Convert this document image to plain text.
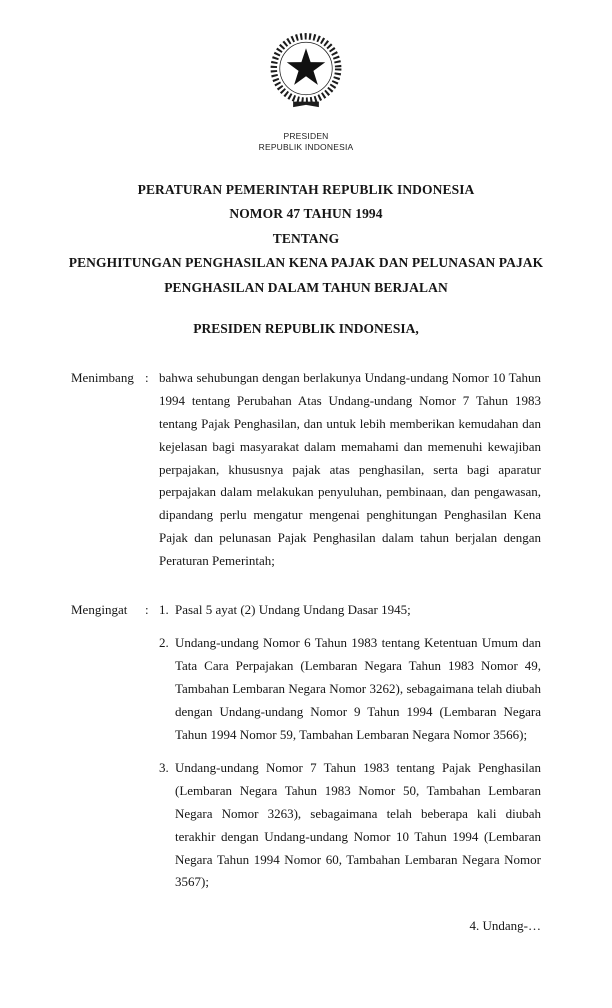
PRESIDEN
REPUBLIK INDONESIA
PERATURAN PEMERINTAH REPUBLIK INDONESIA
NOMOR 47 TAHUN 1994
TENTANG
PENGHITUNGAN PENGHASILAN KENA PAJAK DAN PELUNASAN PAJAK
PENGHASILAN DALAM TAHUN BERJALAN
PRESIDEN REPUBLIK INDONESIA,
Menimbang : bahwa sehubungan dengan berlakunya Undang-undang Nomor 10 Tahun 1994 tentang Perubahan Atas Undang-undang Nomor 7 Tahun 1983 tentang Pajak Penghasilan, dan untuk lebih memberikan kemudahan dan kejelasan bagi masyarakat dalam memahami dan memenuhi kewajiban perpajakan, khususnya pajak atas penghasilan, serta bagi aparatur perpajakan dalam melakukan penyuluhan, pembinaan, dan pengawasan, dipandang perlu mengatur mengenai penghitungan Penghasilan Kena Pajak dan pelunasan Pajak Penghasilan dalam tahun berjalan dengan Peraturan Pemerintah;
Mengingat	: 1. Pasal 5 ayat (2) Undang Undang Dasar 1945;
2. Undang-undang Nomor 6 Tahun 1983 tentang Ketentuan Umum dan Tata Cara Perpajakan (Lembaran Negara Tahun 1983 Nomor 49, Tambahan Lembaran Negara Nomor 3262), sebagaimana telah diubah dengan Undang-undang Nomor 9 Tahun 1994 (Lembaran Negara Tahun 1994 Nomor 59, Tambahan Lembaran Negara Nomor 3566);
3. Undang-undang Nomor 7 Tahun 1983 tentang Pajak Penghasilan (Lembaran Negara Tahun 1983 Nomor 50, Tambahan Lembaran Negara Nomor 3263), sebagaimana telah beberapa kali diubah terakhir dengan Undang-undang Nomor 10 Tahun 1994 (Lembaran Negara Tahun 1994 Nomor 60, Tambahan Lembaran Negara Nomor 3567);
4. Undang-…
